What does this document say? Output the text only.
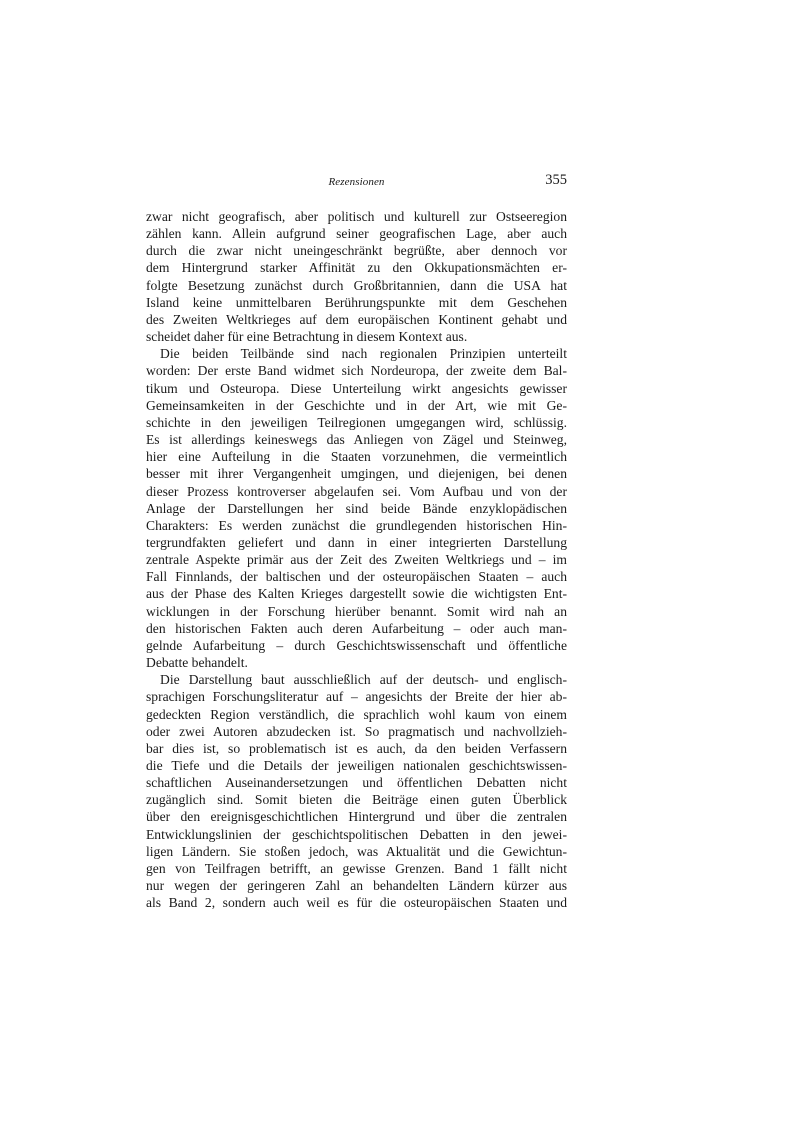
Rezensionen	355

zwar nicht geografisch, aber politisch und kulturell zur Ostseeregion
zählen kann. Allein aufgrund seiner geografischen Lage, aber auch
durch die zwar nicht uneingeschränkt begrüßte, aber dennoch vor
dem Hintergrund starker Affinität zu den Okkupationsmächten er-
folgte Besetzung zunächst durch Großbritannien, dann die USA hat
Island keine unmittelbaren Berührungspunkte mit dem Geschehen
des Zweiten Weltkrieges auf dem europäischen Kontinent gehabt und
scheidet daher für eine Betrachtung in diesem Kontext aus.

Die beiden Teilbände sind nach regionalen Prinzipien unterteilt
worden: Der erste Band widmet sich Nordeuropa, der zweite dem Bal-
tikum und Osteuropa. Diese Unterteilung wirkt angesichts gewisser
Gemeinsamkeiten in der Geschichte und in der Art, wie mit Ge-
schichte in den jeweiligen Teilregionen umgegangen wird, schlüssig.
Es ist allerdings keineswegs das Anliegen von Zägel und Steinweg,
hier eine Aufteilung in die Staaten vorzunehmen, die vermeintlich
besser mit ihrer Vergangenheit umgingen, und diejenigen, bei denen
dieser Prozess kontroverser abgelaufen sei. Vom Aufbau und von der
Anlage der Darstellungen her sind beide Bände enzyklopädischen
Charakters: Es werden zunächst die grundlegenden historischen Hin-
tergrundfakten geliefert und dann in einer integrierten Darstellung
zentrale Aspekte primär aus der Zeit des Zweiten Weltkriegs und – im
Fall Finnlands, der baltischen und der osteuropäischen Staaten – auch
aus der Phase des Kalten Krieges dargestellt sowie die wichtigsten Ent-
wicklungen in der Forschung hierüber benannt. Somit wird nah an
den historischen Fakten auch deren Aufarbeitung – oder auch man-
gelnde Aufarbeitung – durch Geschichtswissenschaft und öffentliche
Debatte behandelt.

Die Darstellung baut ausschließlich auf der deutsch- und englisch-
sprachigen Forschungsliteratur auf – angesichts der Breite der hier ab-
gedeckten Region verständlich, die sprachlich wohl kaum von einem
oder zwei Autoren abzudecken ist. So pragmatisch und nachvollzieh-
bar dies ist, so problematisch ist es auch, da den beiden Verfassern
die Tiefe und die Details der jeweiligen nationalen geschichtswissen-
schaftlichen Auseinandersetzungen und öffentlichen Debatten nicht
zugänglich sind. Somit bieten die Beiträge einen guten Überblick
über den ereignisgeschichtlichen Hintergrund und über die zentralen
Entwicklungslinien der geschichtspolitischen Debatten in den jewei-
ligen Ländern. Sie stoßen jedoch, was Aktualität und die Gewichtun-
gen von Teilfragen betrifft, an gewisse Grenzen. Band 1 fällt nicht
nur wegen der geringeren Zahl an behandelten Ländern kürzer aus
als Band 2, sondern auch weil es für die osteuropäischen Staaten und
